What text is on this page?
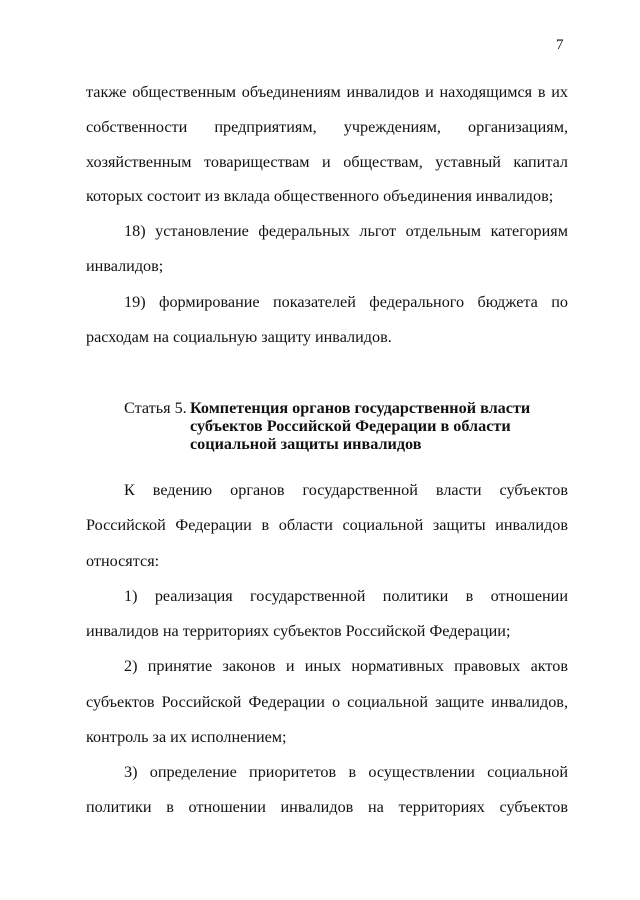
7
также общественным объединениям инвалидов и находящимся в их
собственности предприятиям, учреждениям, организациям,
хозяйственным товариществам и обществам, уставный капитал
которых состоит из вклада общественного объединения инвалидов;
18) установление федеральных льгот отдельным категориям
инвалидов;
19) формирование показателей федерального бюджета по
расходам на социальную защиту инвалидов.
Статья 5. Компетенция органов государственной власти
субъектов Российской Федерации в области
социальной защиты инвалидов
К ведению органов государственной власти субъектов
Российской Федерации в области социальной защиты инвалидов
относятся:
1) реализация государственной политики в отношении
инвалидов на территориях субъектов Российской Федерации;
2) принятие законов и иных нормативных правовых актов
субъектов Российской Федерации о социальной защите инвалидов,
контроль за их исполнением;
3) определение приоритетов в осуществлении социальной
политики в отношении инвалидов на территориях субъектов
